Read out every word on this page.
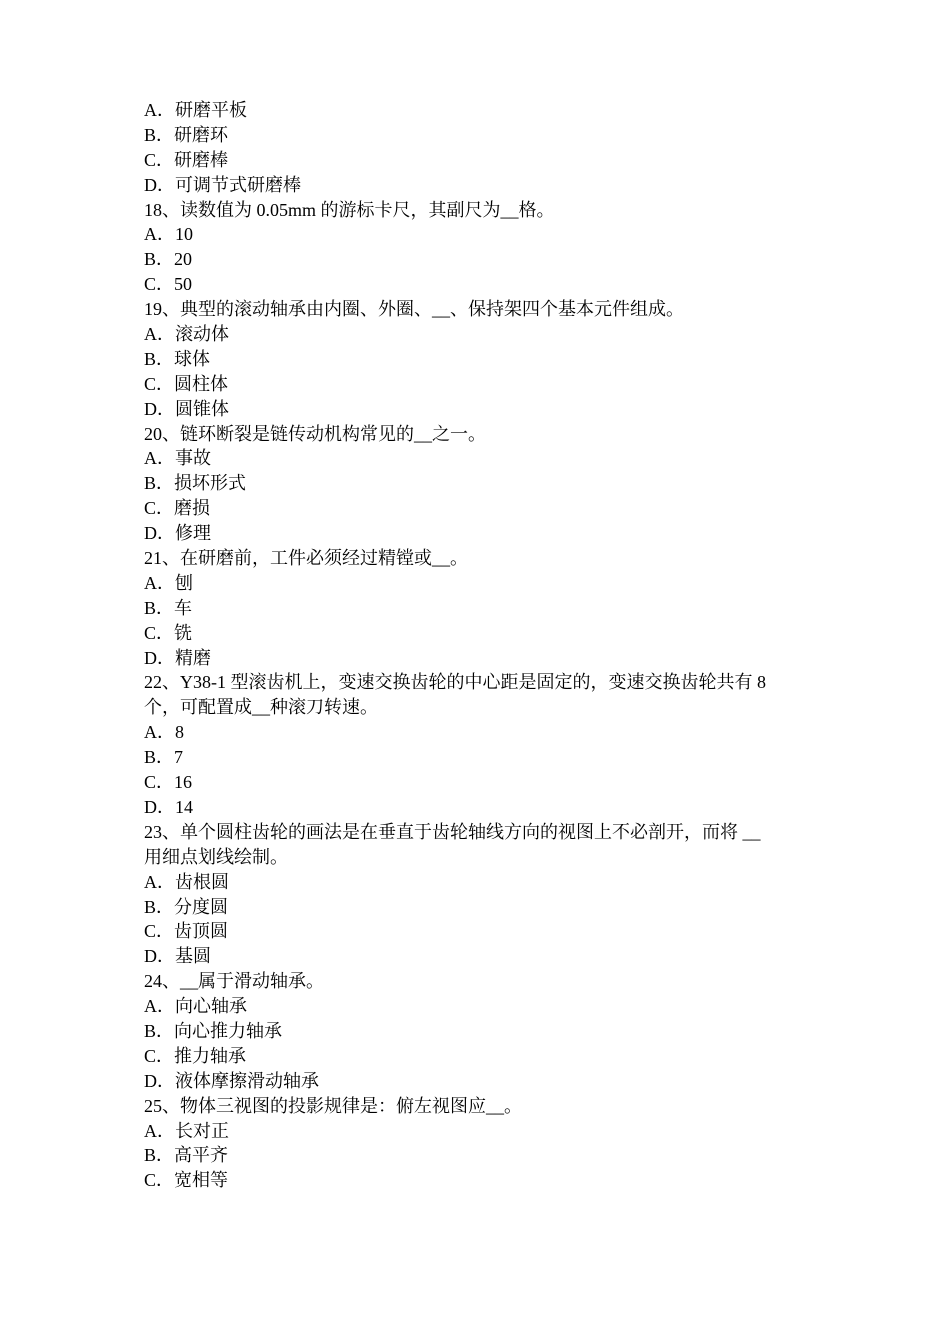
A．研磨平板
B．研磨环
C．研磨棒
D．可调节式研磨棒
18、读数值为 0.05mm 的游标卡尺，其副尺为__格。
A．10
B．20
C．50
19、典型的滚动轴承由内圈、外圈、__、保持架四个基本元件组成。
A．滚动体
B．球体
C．圆柱体
D．圆锥体
20、链环断裂是链传动机构常见的__之一。
A．事故
B．损坏形式
C．磨损
D．修理
21、在研磨前，工件必须经过精镗或__。
A．刨
B．车
C．铣
D．精磨
22、Y38-1 型滚齿机上，变速交换齿轮的中心距是固定的，变速交换齿轮共有 8
个，可配置成__种滚刀转速。
A．8
B．7
C．16
D．14
23、单个圆柱齿轮的画法是在垂直于齿轮轴线方向的视图上不必剖开，而将 __
用细点划线绘制。
A．齿根圆
B．分度圆
C．齿顶圆
D．基圆
24、__属于滑动轴承。
A．向心轴承
B．向心推力轴承
C．推力轴承
D．液体摩擦滑动轴承
25、物体三视图的投影规律是：俯左视图应__。
A．长对正
B．高平齐
C．宽相等
